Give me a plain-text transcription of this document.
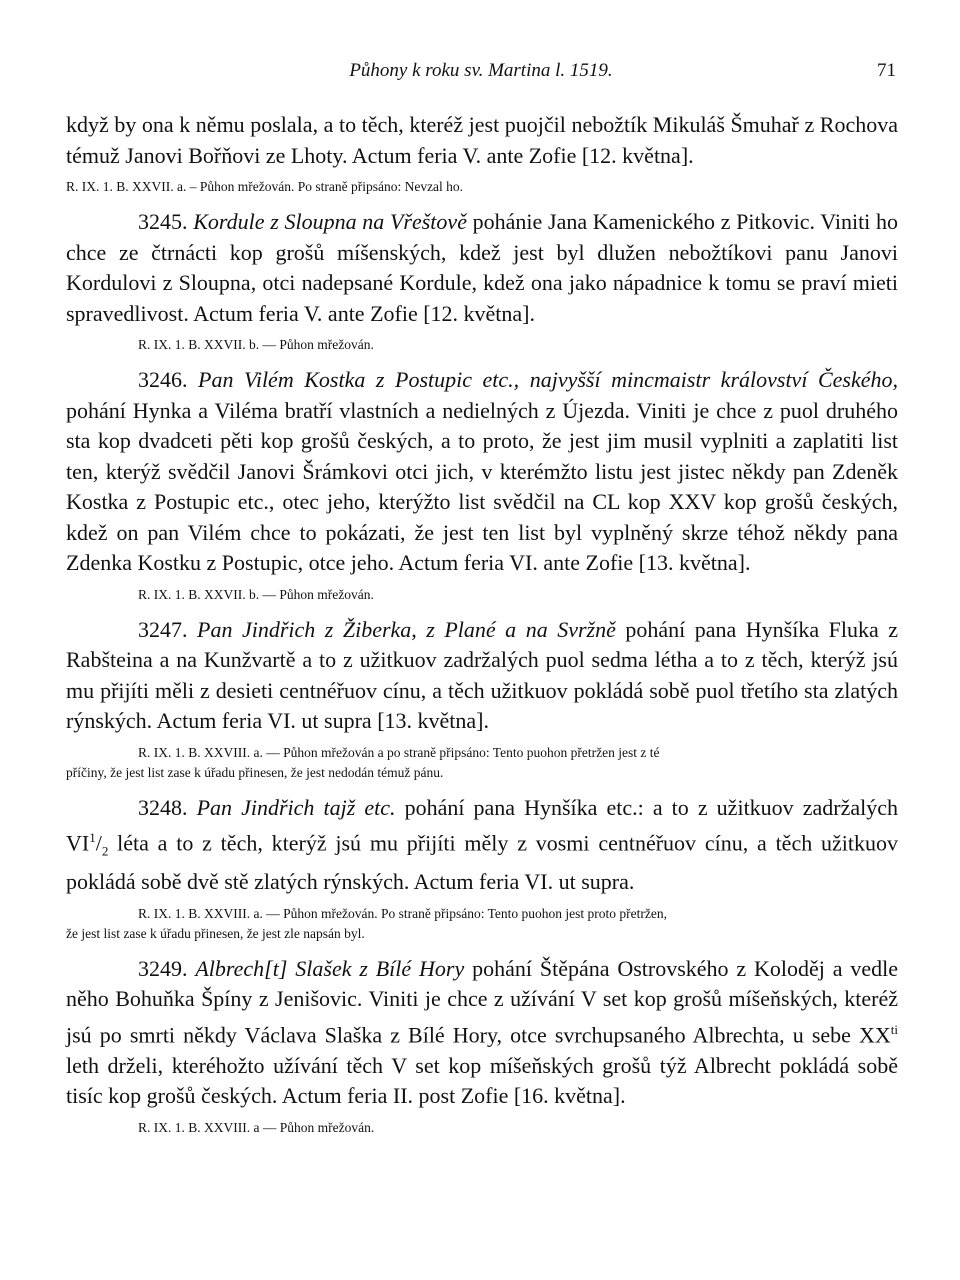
Půhony k roku sv. Martina l. 1519.	71

když by ona k němu poslala, a to těch, kteréž jest puojčil nebožtík Mikuláš Šmuhař z Rochova témuž Janovi Bořňovi ze Lhoty. Actum feria V. ante Zofie [12. května].

R. IX. 1. B. XXVII. a. – Půhon mřežován. Po straně připsáno: Nevzal ho.

3245. Kordule z Sloupna na Vřeštově pohánie Jana Kamenického z Pitkovic. Viniti ho chce ze čtrnácti kop grošů míšenských, kdež jest byl dlužen nebožtíkovi panu Janovi Kordulovi z Sloupna, otci nadepsané Kordule, kdež ona jako nápadnice k tomu se praví mieti spravedlivost. Actum feria V. ante Zofie [12. května].

R. IX. 1. B. XXVII. b. — Půhon mřežován.

3246. Pan Vilém Kostka z Postupic etc., najvyšší mincmaistr království Českého, pohání Hynka a Viléma bratří vlastních a nedielných z Újezda. Viniti je chce z puol druhého sta kop dvadceti pěti kop grošů českých, a to proto, že jest jim musil vyplniti a zaplatiti list ten, kterýž svědčil Janovi Šrámkovi otci jich, v kterémžto listu jest jistec někdy pan Zdeněk Kostka z Postupic etc., otec jeho, kterýžto list svědčil na CL kop XXV kop grošů českých, kdež on pan Vilém chce to pokázati, že jest ten list byl vyplněný skrze téhož někdy pana Zdenka Kostku z Postupic, otce jeho. Actum feria VI. ante Zofie [13. května].

R. IX. 1. B. XXVII. b. — Půhon mřežován.

3247. Pan Jindřich z Žiberka, z Plané a na Svržně pohání pana Hynšíka Fluka z Rabšteina a na Kunžvartě a to z užitkuov zadržalých puol sedma létha a to z těch, kterýž jsú mu přijíti měli z desieti centnéřuov cínu, a těch užitkuov pokládá sobě puol třetího sta zlatých rýnských. Actum feria VI. ut supra [13. května].

R. IX. 1. B. XXVIII. a. — Půhon mřežován a po straně připsáno: Tento puohon přetržen jest z té
příčiny, že jest list zase k úřadu přinesen, že jest nedodán témuž pánu.

3248. Pan Jindřich tajž etc. pohání pana Hynšíka etc.: a to z užitkuov zadržalých $VI^1/_2$ léta a to z těch, kterýž jsú mu přijíti měly z vosmi centnéřuov cínu, a těch užitkuov pokládá sobě dvě stě zlatých rýnských. Actum feria VI. ut supra.

R. IX. 1. B. XXVIII. a. — Půhon mřežován. Po straně připsáno: Tento puohon jest proto přetržen,
že jest list zase k úřadu přinesen, že jest zle napsán byl.

3249. Albrech[t] Slašek z Bílé Hory pohání Štěpána Ostrovského z Koloděj a vedle něho Bohuňka Špíny z Jenišovic. Viniti je chce z užívání V set kop grošů míšeňských, kteréž jsú po smrti někdy Václava Slaška z Bílé Hory, otce svrchupsaného Albrechta, u sebe $XX^{ti}$ leth drželi, kteréhožto užívání těch V set kop míšeňských grošů týž Albrecht pokládá sobě tisíc kop grošů českých. Actum feria II. post Zofie [16. května].

R. IX. 1. B. XXVIII. a — Půhon mřežován.
